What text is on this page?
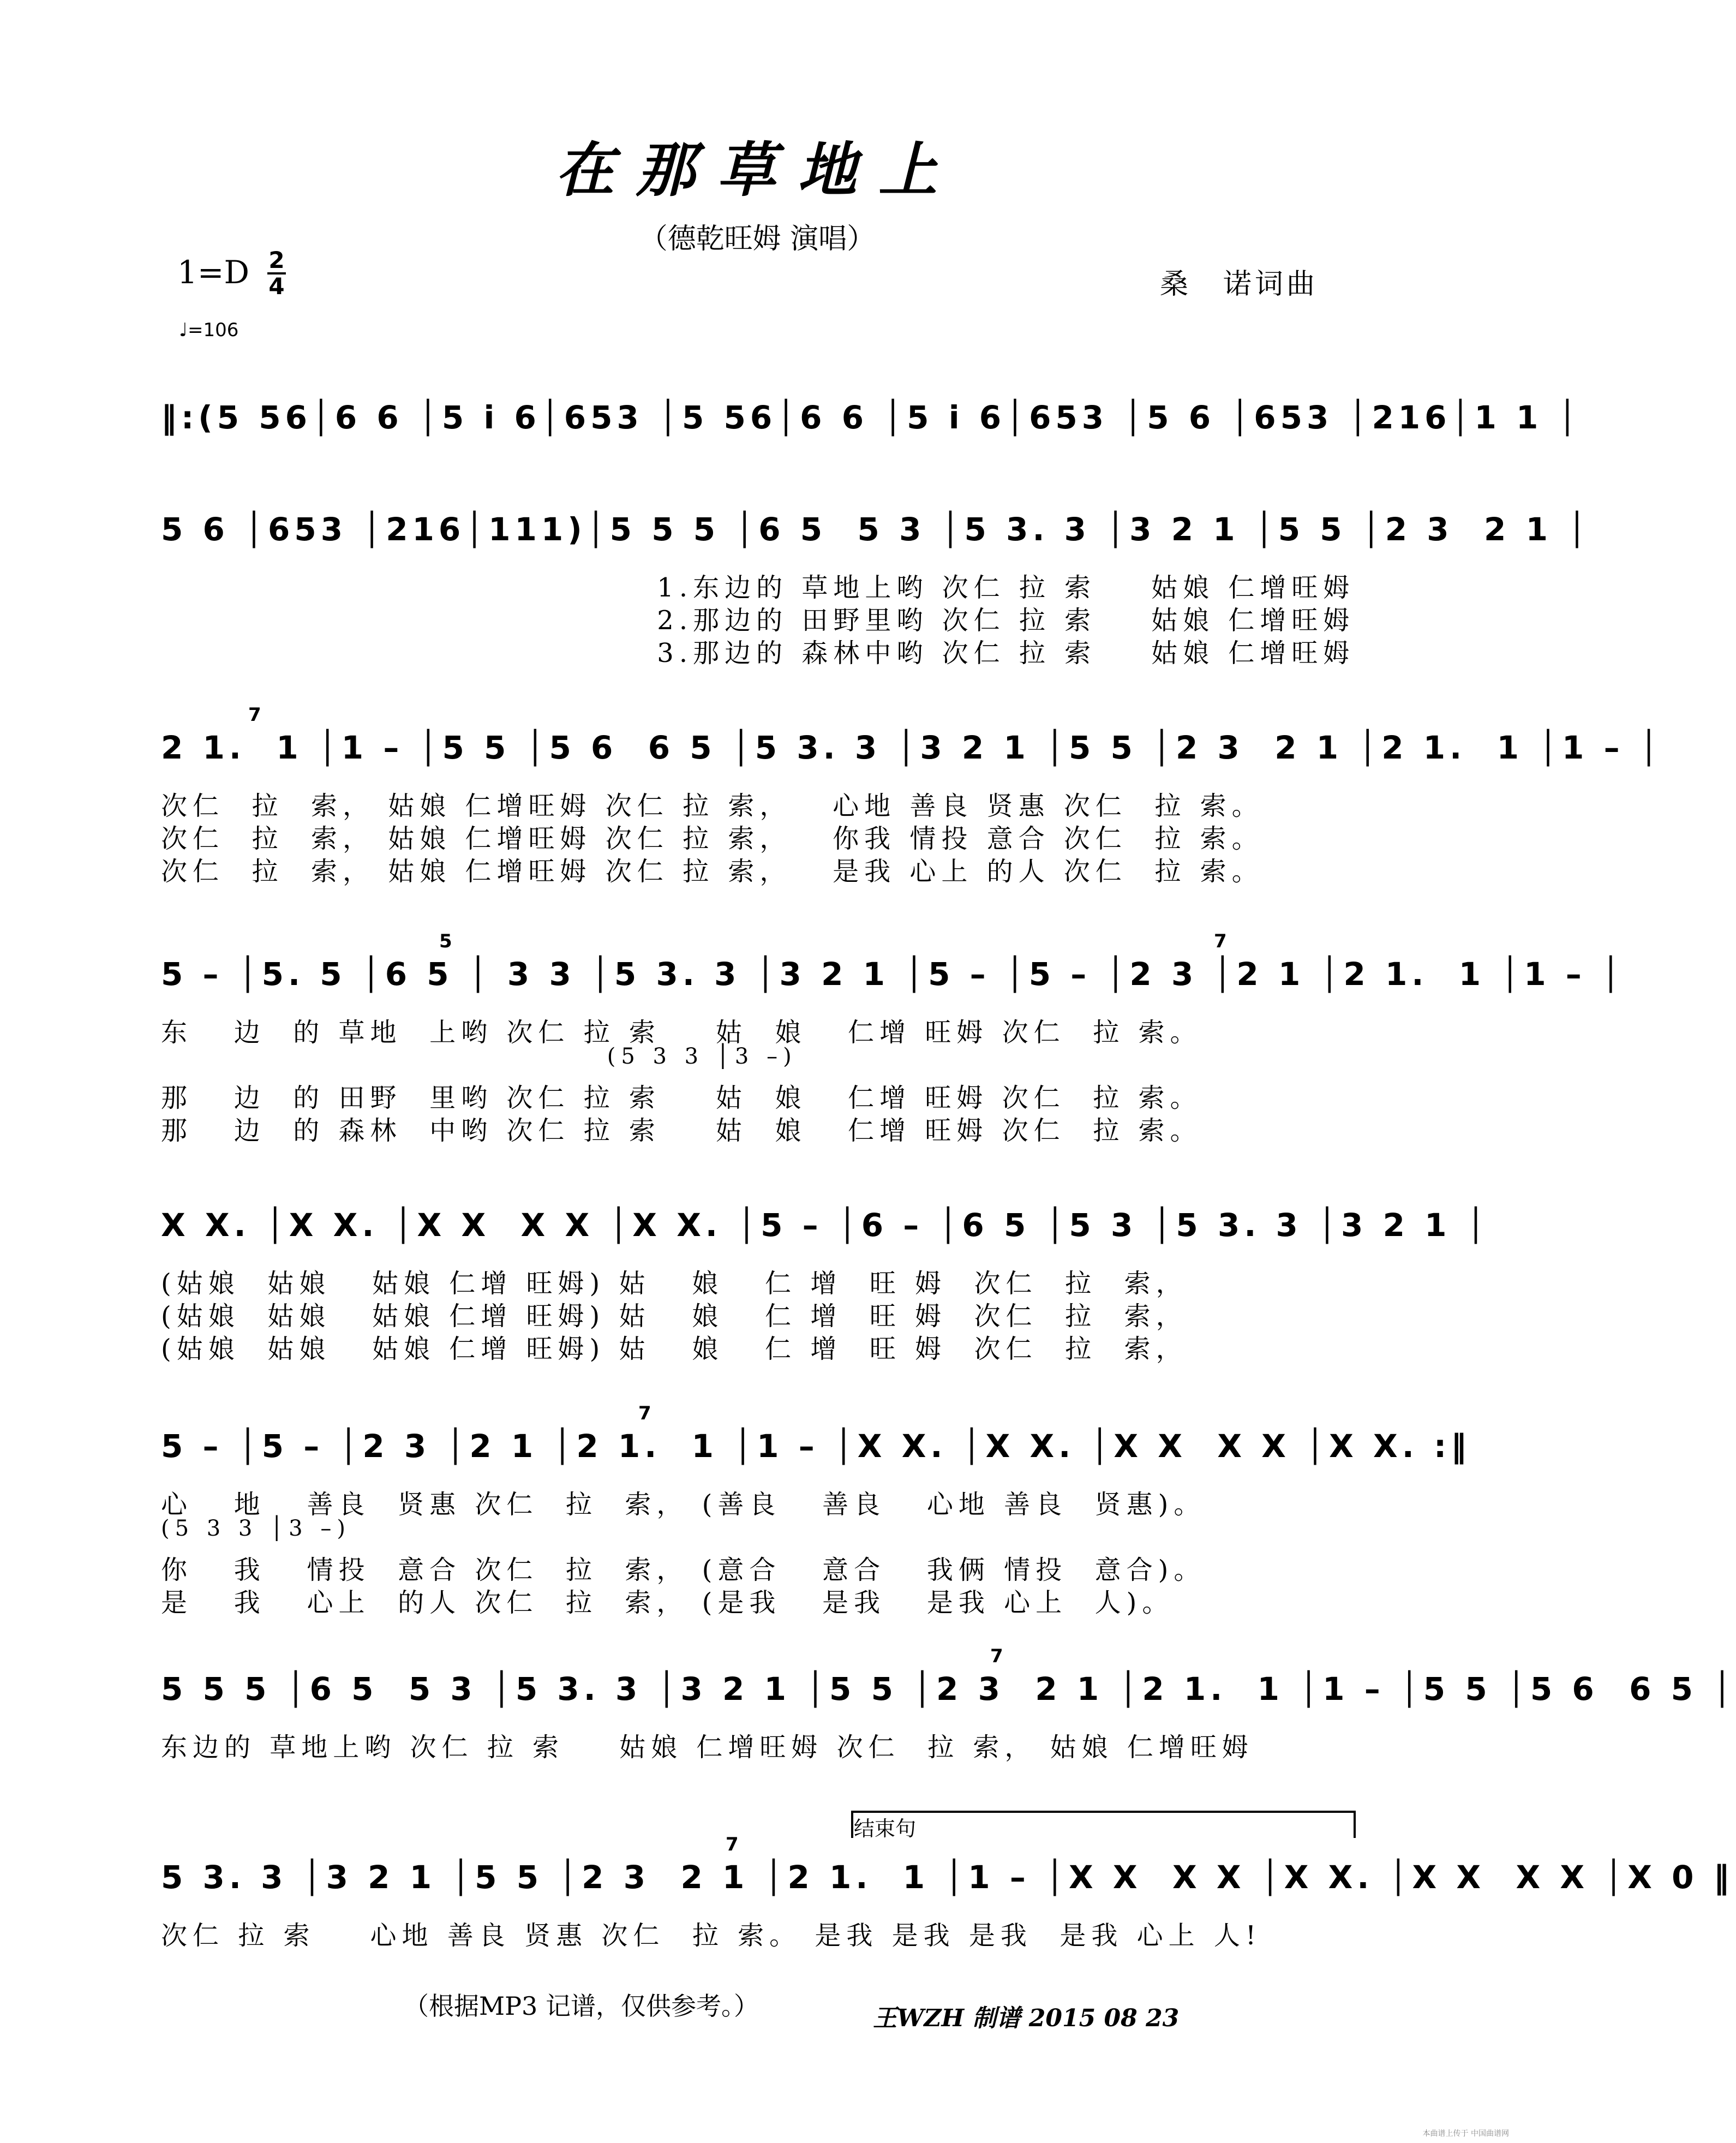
在那草地上
（德乾旺姆 演唱）
1=D 2
4	桑　诺词曲
♩=106
‖:(5 56│6 6 │5 i 6│653 │5 56│6 6 │5 i 6│653 │5 6 │653 │216│1 1 │
5 6 │653 │216│111)│5 5 5 │6 5  5 3 │5 3. 3 │3 2 1 │5 5 │2 3  2 1 │
1.东边的 草地上哟 次仁 拉 索    姑娘 仁增旺姆
2.那边的 田野里哟 次仁 拉 索    姑娘 仁增旺姆
3.那边的 森林中哟 次仁 拉 索    姑娘 仁增旺姆
7
2 1.  1 │1 – │5 5 │5 6  6 5 │5 3. 3 │3 2 1 │5 5 │2 3  2 1 │2 1.  1 │1 – │
次仁  拉  索， 姑娘 仁增旺姆 次仁 拉 索，   心地 善良 贤惠 次仁  拉 索。
次仁  拉  索， 姑娘 仁增旺姆 次仁 拉 索，   你我 情投 意合 次仁  拉 索。
次仁  拉  索， 姑娘 仁增旺姆 次仁 拉 索，   是我 心上 的人 次仁  拉 索。
5	7
5 – │5. 5 │6 5 │ 3 3 │5 3. 3 │3 2 1 │5 – │5 – │2 3 │2 1 │2 1.  1 │1 – │
东   边  的 草地  上哟 次仁 拉 索    姑  娘   仁增 旺姆 次仁  拉 索。
(5 3 3 │3 –)
那   边  的 田野  里哟 次仁 拉 索    姑  娘   仁增 旺姆 次仁  拉 索。
那   边  的 森林  中哟 次仁 拉 索    姑  娘   仁增 旺姆 次仁  拉 索。
X X. │X X. │X X  X X │X X. │5 – │6 – │6 5 │5 3 │5 3. 3 │3 2 1 │
(姑娘  姑娘   姑娘 仁增 旺姆) 姑   娘   仁 增  旺 姆  次仁  拉  索，
(姑娘  姑娘   姑娘 仁增 旺姆) 姑   娘   仁 增  旺 姆  次仁  拉  索，
(姑娘  姑娘   姑娘 仁增 旺姆) 姑   娘   仁 增  旺 姆  次仁  拉  索，
7
5 – │5 – │2 3 │2 1 │2 1.  1 │1 – │X X. │X X. │X X  X X │X X. :‖
心   地   善良  贤惠 次仁  拉  索， (善良   善良   心地 善良  贤惠)。
(5 3 3 │3 –)
你   我   情投  意合 次仁  拉  索， (意合   意合   我俩 情投  意合)。
是   我   心上  的人 次仁  拉  索， (是我   是我   是我 心上  人)。
7
5 5 5 │6 5  5 3 │5 3. 3 │3 2 1 │5 5 │2 3  2 1 │2 1.  1 │1 – │5 5 │5 6  6 5 │
东边的 草地上哟 次仁 拉 索    姑娘 仁增旺姆 次仁  拉 索， 姑娘 仁增旺姆
结束句
7
5 3. 3 │3 2 1 │5 5 │2 3  2 1 │2 1.  1 │1 – │X X  X X │X X. │X X  X X │X 0 ‖
次仁 拉 索    心地 善良 贤惠 次仁  拉 索。 是我 是我 是我  是我 心上 人!
（根据MP3 记谱，仅供参考。）	王WZH 制谱 2015 08 23
本曲谱上传于 中国曲谱网
